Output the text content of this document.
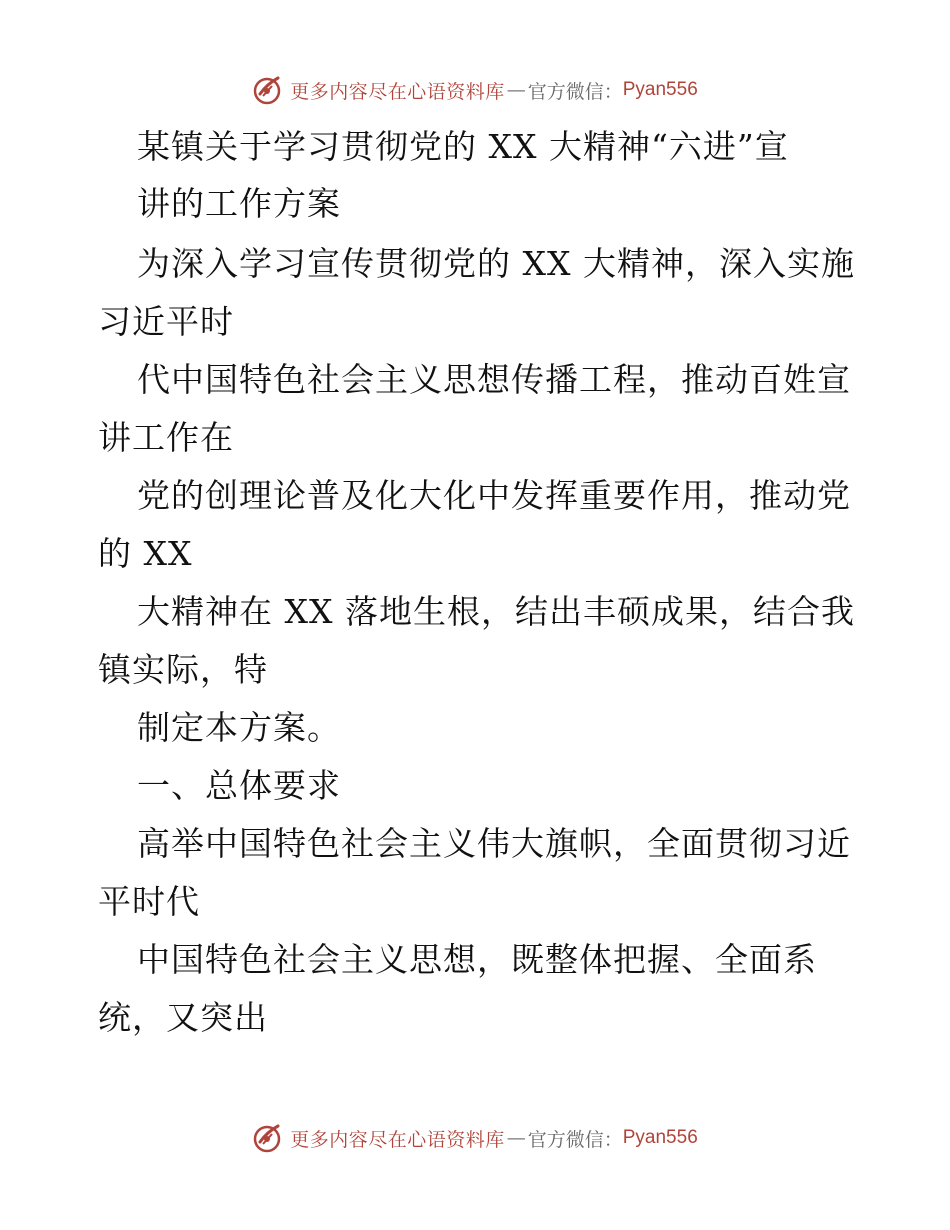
更多内容尽在心语资料库 — 官方微信： Pyan556
某镇关于学习贯彻党的 XX 大精神“六进”宣
讲的工作方案
为深入学习宣传贯彻党的 XX 大精神，深入实施
习近平时
代中国特色社会主义思想传播工程，推动百姓宣
讲工作在
党的创理论普及化大化中发挥重要作用，推动党
的 XX
大精神在 XX 落地生根，结出丰硕成果，结合我
镇实际，特
制定本方案。
一、总体要求
高举中国特色社会主义伟大旗帜，全面贯彻习近
平时代
中国特色社会主义思想，既整体把握、全面系
统，又突出
更多内容尽在心语资料库 — 官方微信： Pyan556
